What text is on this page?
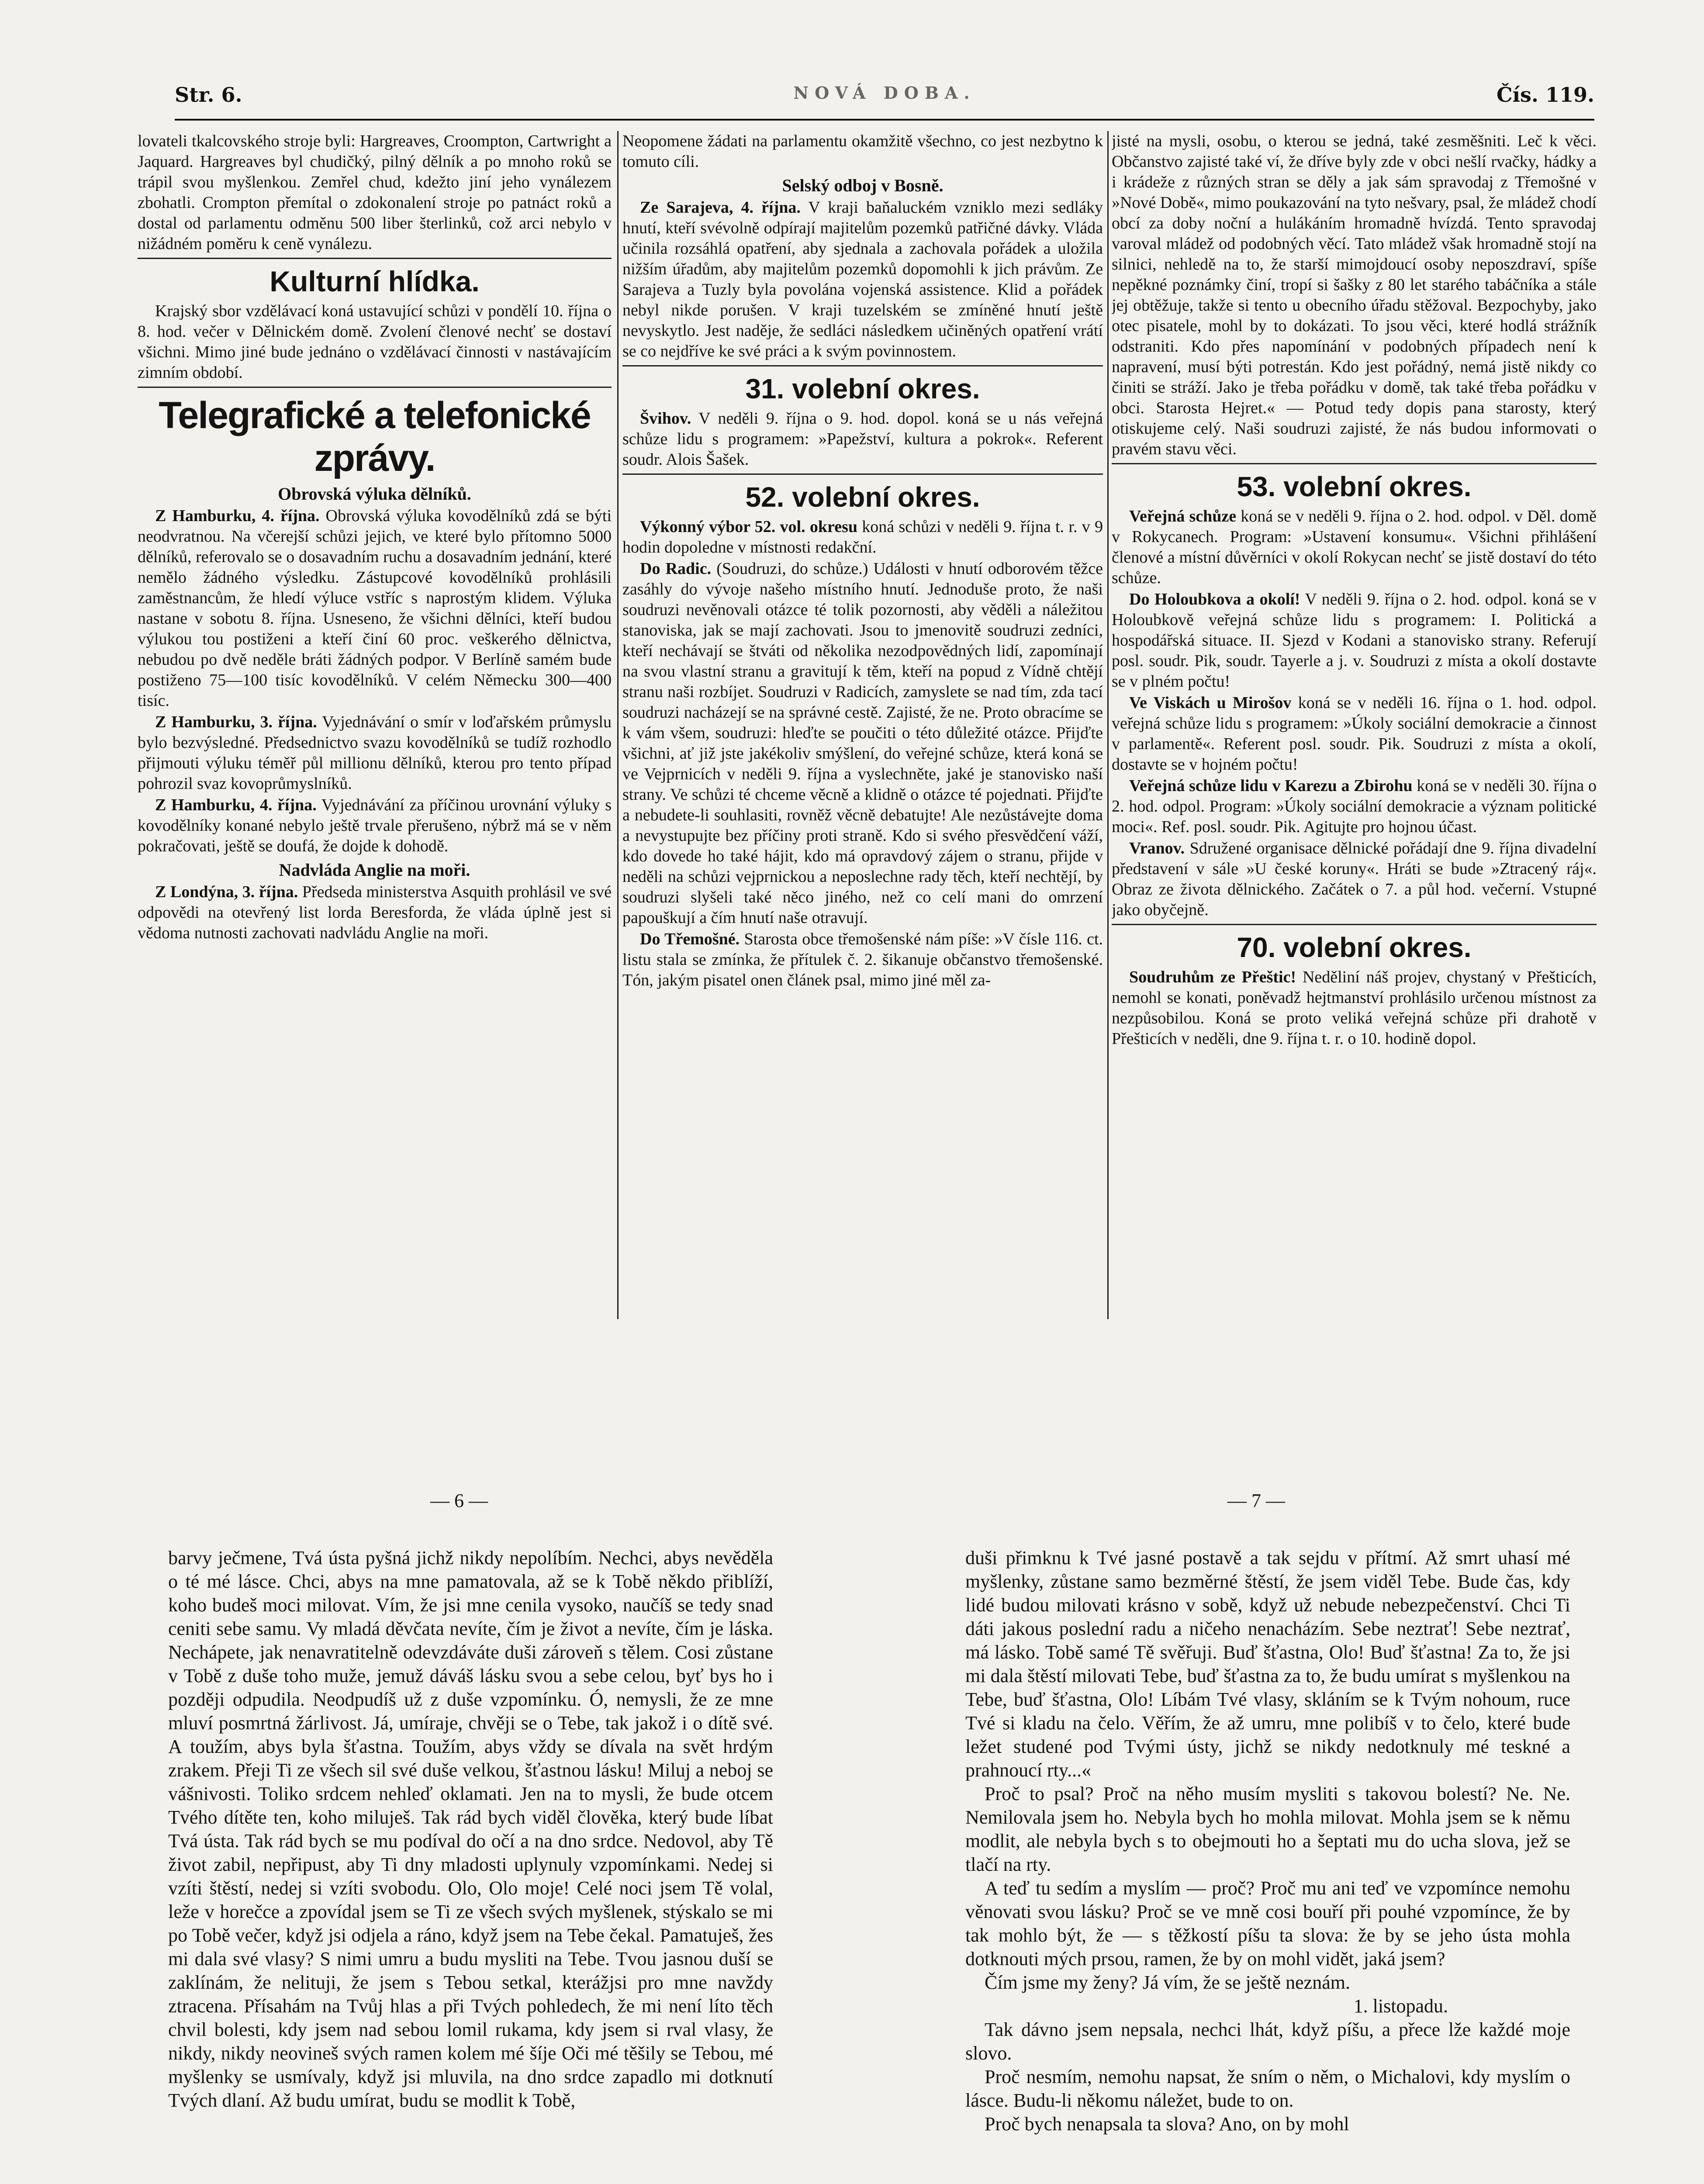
Str. 6.	NOVÁ DOBA.	Čís. 119.

lovateli tkalcovského stroje byli: Hargreaves, Croompton, Cartwright a Jaquard. Hargreaves byl chudičký, pilný dělník a po mnoho roků se trápil svou myšlenkou. Zemřel chud, kdežto jiní jeho vynálezem zbohatli. Crompton přemítal o zdokonalení stroje po patnáct roků a dostal od parlamentu odměnu 500 liber šterlinků, což arci nebylo v nižádném poměru k ceně vynálezu.

Kulturní hlídka.

Krajský sbor vzdělávací koná ustavující schůzi v pondělí 10. října o 8. hod. večer v Dělnickém domě. Zvolení členové nechť se dostaví všichni. Mimo jiné bude jednáno o vzdělávací činnosti v nastávajícím zimním období.

Telegrafické a telefonické zprávy.
Obrovská výluka dělníků.

Z Hamburku, 4. října. Obrovská výluka kovodělníků zdá se býti neodvratnou. Na včerejší schůzi jejich, ve které bylo přítomno 5000 dělníků, referovalo se o dosavadním ruchu a dosavadním jednání, které nemělo žádného výsledku. Zástupcové kovodělníků prohlásili zaměstnancům, že hledí výluce vstříc s naprostým klidem. Výluka nastane v sobotu 8. října. Usneseno, že všichni dělníci, kteří budou výlukou tou postiženi a kteří činí 60 proc. veškerého dělnictva, nebudou po dvě neděle bráti žádných podpor. V Berlíně samém bude postiženo 75—100 tisíc kovodělníků. V celém Německu 300—400 tisíc.

Z Hamburku, 3. října. Vyjednávání o smír v loďařském průmyslu bylo bezvýsledné. Předsednictvo svazu kovodělníků se tudíž rozhodlo přijmouti výluku téměř půl millionu dělníků, kterou pro tento případ pohrozil svaz kovoprůmyslníků.

Z Hamburku, 4. října. Vyjednávání za příčinou urovnání výluky s kovodělníky konané nebylo ještě trvale přerušeno, nýbrž má se v něm pokračovati, ještě se doufá, že dojde k dohodě.

Nadvláda Anglie na moři.

Z Londýna, 3. října. Předseda ministerstva Asquith prohlásil ve své odpovědi na otevřený list lorda Beresforda, že vláda úplně jest si vědoma nutnosti zachovati nadvládu Anglie na moři.

Neopomene žádati na parlamentu okamžitě všechno, co jest nezbytno k tomuto cíli.

Selský odboj v Bosně.

Ze Sarajeva, 4. října. V kraji baňaluckém vzniklo mezi sedláky hnutí, kteří svévolně odpírají majitelům pozemků patřičné dávky. Vláda učinila rozsáhlá opatření, aby sjednala a zachovala pořádek a uložila nižším úřadům, aby majitelům pozemků dopomohli k jich právům. Ze Sarajeva a Tuzly byla povolána vojenská assistence. Klid a pořádek nebyl nikde porušen. V kraji tuzelském se zmíněné hnutí ještě nevyskytlo. Jest naděje, že sedláci následkem učiněných opatření vrátí se co nejdříve ke své práci a k svým povinnostem.

31. volební okres.

Švihov. V neděli 9. října o 9. hod. dopol. koná se u nás veřejná schůze lidu s programem: »Papežství, kultura a pokrok«. Referent soudr. Alois Šašek.

52. volební okres.

Výkonný výbor 52. vol. okresu koná schůzi v neděli 9. října t. r. v 9 hodin dopoledne v místnosti redakční.

Do Radic. (Soudruzi, do schůze.) Události v hnutí odborovém těžce zasáhly do vývoje našeho místního hnutí. Jednoduše proto, že naši soudruzi nevěnovali otázce té tolik pozornosti, aby věděli a náležitou stanoviska, jak se mají zachovati. Jsou to jmenovitě soudruzi zedníci, kteří nechávají se štváti od několika nezodpovědných lidí, zapomínají na svou vlastní stranu a gravitují k těm, kteří na popud z Vídně chtějí stranu naši rozbíjet. Soudruzi v Radicích, zamyslete se nad tím, zda tací soudruzi nacházejí se na správné cestě. Zajisté, že ne. Proto obracíme se k vám všem, soudruzi: hleďte se poučiti o této důležité otázce. Přijďte všichni, ať již jste jakékoliv smýšlení, do veřejné schůze, která koná se ve Vejprnicích v neděli 9. října a vyslechněte, jaké je stanovisko naší strany. Ve schůzi té chceme věcně a klidně o otázce té pojednati. Přijďte a nebudete-li souhlasiti, rovněž věcně debatujte! Ale nezůstávejte doma a nevystupujte bez příčiny proti straně. Kdo si svého přesvědčení váží, kdo dovede ho také hájit, kdo má opravdový zájem o stranu, přijde v neděli na schůzi vejprnickou a neposlechne rady těch, kteří nechtějí, by soudruzi slyšeli také něco jiného, než co celí mani do omrzení papouškují a čím hnutí naše otravují.

Do Třemošné. Starosta obce třemošenské nám píše: »V čísle 116. ct. listu stala se zmínka, že přítulek č. 2. šikanuje občanstvo třemošenské. Tón, jakým pisatel onen článek psal, mimo jiné měl za-

jisté na mysli, osobu, o kterou se jedná, také zesměšniti. Leč k věci. Občanstvo zajisté také ví, že dříve byly zde v obci nešlí rvačky, hádky a i krádeže z různých stran se děly a jak sám spravodaj z Třemošné v »Nové Době«, mimo poukazování na tyto nešvary, psal, že mládež chodí obcí za doby noční a hulákáním hromadně hvízdá. Tento spravodaj varoval mládež od podobných věcí. Tato mládež však hromadně stojí na silnici, nehledě na to, že starší mimojdoucí osoby neposzdraví, spíše nepěkné poznámky činí, tropí si šašky z 80 let starého tabáčníka a stále jej obtěžuje, takže si tento u obecního úřadu stěžoval. Bezpochyby, jako otec pisatele, mohl by to dokázati. To jsou věci, které hodlá strážník odstraniti. Kdo přes napomínání v podobných případech není k napravení, musí býti potrestán. Kdo jest pořádný, nemá jistě nikdy co činiti se stráží. Jako je třeba pořádku v domě, tak také třeba pořádku v obci. Starosta Hejret.« — Potud tedy dopis pana starosty, který otiskujeme celý. Naši soudruzi zajisté, že nás budou informovati o pravém stavu věci.

53. volební okres.

Veřejná schůze koná se v neděli 9. října o 2. hod. odpol. v Děl. domě v Rokycanech. Program: »Ustavení konsumu«. Všichni přihlášení členové a místní důvěrníci v okolí Rokycan nechť se jistě dostaví do této schůze.

Do Holoubkova a okolí! V neděli 9. října o 2. hod. odpol. koná se v Holoubkově veřejná schůze lidu s programem: I. Politická a hospodářská situace. II. Sjezd v Kodani a stanovisko strany. Referují posl. soudr. Pik, soudr. Tayerle a j. v. Soudruzi z místa a okolí dostavte se v plném počtu!

Ve Viskách u Mirošov koná se v neděli 16. října o 1. hod. odpol. veřejná schůze lidu s programem: »Úkoly sociální demokracie a činnost v parlamentě«. Referent posl. soudr. Pik. Soudruzi z místa a okolí, dostavte se v hojném počtu!

Veřejná schůze lidu v Karezu a Zbirohu koná se v neděli 30. října o 2. hod. odpol. Program: »Úkoly sociální demokracie a význam politické moci«. Ref. posl. soudr. Pik. Agitujte pro hojnou účast.

Vranov. Sdružené organisace dělnické pořádají dne 9. října divadelní představení v sále »U české koruny«. Hráti se bude »Ztracený ráj«. Obraz ze života dělnického. Začátek o 7. a půl hod. večerní. Vstupné jako obyčejně.

70. volební okres.

Soudruhům ze Přeštic! Neděliní náš projev, chystaný v Přešticích, nemohl se konati, poněvadž hejtmanství prohlásilo určenou místnost za nezpůsobilou. Koná se proto veliká veřejná schůze při drahotě v Přešticích v neděli, dne 9. října t. r. o 10. hodině dopol.

— 6 —	— 7 —

barvy ječmene, Tvá ústa pyšná jichž nikdy nepolíbím. Nechci, abys nevěděla o té mé lásce. Chci, abys na mne pamatovala, až se k Tobě někdo přiblíží, koho budeš moci milovat. Vím, že jsi mne cenila vysoko, naučíš se tedy snad ceniti sebe samu. Vy mladá děvčata nevíte, čím je život a nevíte, čím je láska. Nechápete, jak nenavratitelně odevzdáváte duši zároveň s tělem. Cosi zůstane v Tobě z duše toho muže, jemuž dáváš lásku svou a sebe celou, byť bys ho i později odpudila. Neodpudíš už z duše vzpomínku. Ó, nemysli, že ze mne mluví posmrtná žárlivost. Já, umíraje, chvěji se o Tebe, tak jakož i o dítě své. A toužím, abys byla šťastna. Toužím, abys vždy se dívala na svět hrdým zrakem. Přeji Ti ze všech sil své duše velkou, šťastnou lásku! Miluj a neboj se vášnivosti. Toliko srdcem nehleď oklamati. Jen na to mysli, že bude otcem Tvého dítěte ten, koho miluješ. Tak rád bych viděl člověka, který bude líbat Tvá ústa. Tak rád bych se mu podíval do očí a na dno srdce. Nedovol, aby Tě život zabil, nepřipust, aby Ti dny mladosti uplynuly vzpomínkami. Nedej si vzíti štěstí, nedej si vzíti svobodu. Olo, Olo moje! Celé noci jsem Tě volal, leže v horečce a zpovídal jsem se Ti ze všech svých myšlenek, stýskalo se mi po Tobě večer, když jsi odjela a ráno, když jsem na Tebe čekal. Pamatuješ, žes mi dala své vlasy? S nimi umru a budu mysliti na Tebe. Tvou jasnou duší se zaklínám, že nelituji, že jsem s Tebou setkal, kterážjsi pro mne navždy ztracena. Přísahám na Tvůj hlas a při Tvých pohledech, že mi není líto těch chvil bolesti, kdy jsem nad sebou lomil rukama, kdy jsem si rval vlasy, že nikdy, nikdy neovineš svých ramen kolem mé šíje Oči mé těšily se Tebou, mé myšlenky se usmívaly, když jsi mluvila, na dno srdce zapadlo mi dotknutí Tvých dlaní. Až budu umírat, budu se modlit k Tobě,

duši přimknu k Tvé jasné postavě a tak sejdu v přítmí. Až smrt uhasí mé myšlenky, zůstane samo bezměrné štěstí, že jsem viděl Tebe. Bude čas, kdy lidé budou milovati krásno v sobě, když už nebude nebezpečenství. Chci Ti dáti jakous poslední radu a ničeho nenacházím. Sebe neztrať! Sebe neztrať, má lásko. Tobě samé Tě svěřuji. Buď šťastna, Olo! Buď šťastna! Za to, že jsi mi dala štěstí milovati Tebe, buď šťastna za to, že budu umírat s myšlenkou na Tebe, buď šťastna, Olo! Líbám Tvé vlasy, skláním se k Tvým nohoum, ruce Tvé si kladu na čelo. Věřím, že až umru, mne polibíš v to čelo, které bude ležet studené pod Tvými ústy, jichž se nikdy nedotknuly mé teskné a prahnoucí rty...«

Proč to psal? Proč na něho musím mysliti s takovou bolestí? Ne. Ne. Nemilovala jsem ho. Nebyla bych ho mohla milovat. Mohla jsem se k němu modlit, ale nebyla bych s to obejmouti ho a šeptati mu do ucha slova, jež se tlačí na rty.

A teď tu sedím a myslím — proč? Proč mu ani teď ve vzpomínce nemohu věnovati svou lásku? Proč se ve mně cosi bouří při pouhé vzpomínce, že by tak mohlo být, že — s těžkostí píšu ta slova: že by se jeho ústa mohla dotknouti mých prsou, ramen, že by on mohl vidět, jaká jsem?

Čím jsme my ženy? Já vím, že se ještě neznám.

1. listopadu.

Tak dávno jsem nepsala, nechci lhát, když píšu, a přece lže každé moje slovo.

Proč nesmím, nemohu napsat, že sním o něm, o Michalovi, kdy myslím o lásce. Budu-li někomu náležet, bude to on.

Proč bych nenapsala ta slova? Ano, on by mohl
